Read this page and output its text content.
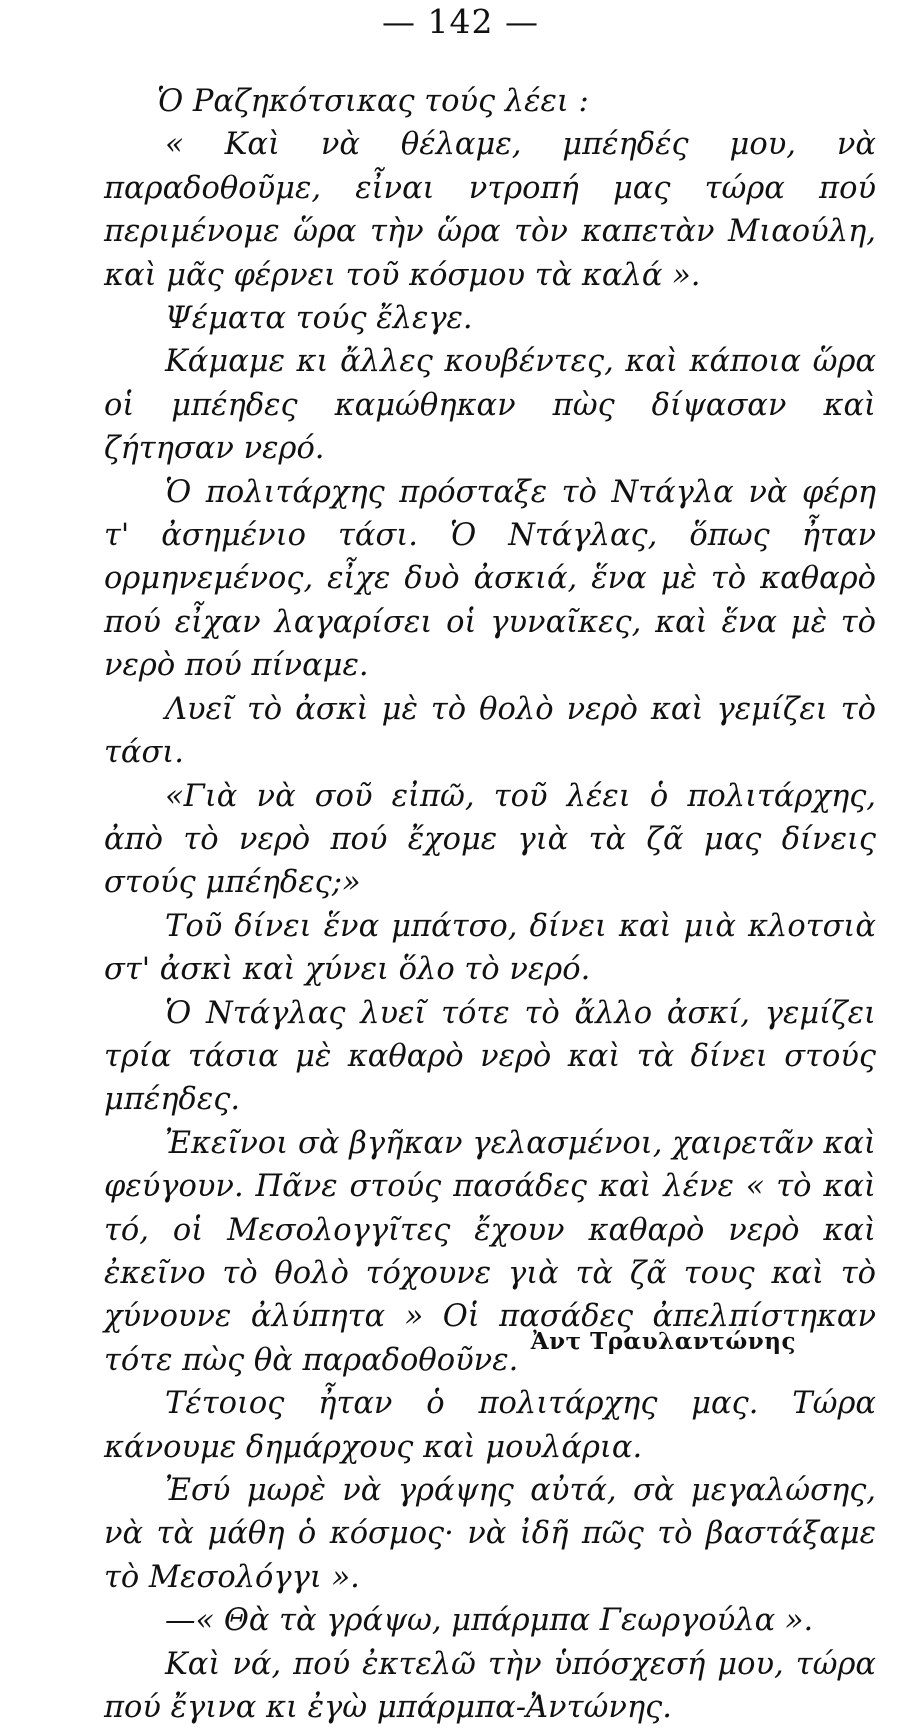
— 142 —

Ὁ Ραζηκότσικας τούς λέει :

« Καὶ νὰ θέλαμε, μπέηδές μου, νὰ παραδοθοῦμε, εἶναι ντροπή μας τώρα πού περιμένομε ὥρα τὴν ὥρα τὸν καπετὰν Μιαούλη, καὶ μᾶς φέρνει τοῦ κόσμου τὰ καλά ».

Ψέματα τούς ἔλεγε.

Κάμαμε κι ἄλλες κουβέντες, καὶ κάποια ὥρα οἱ μπέηδες καμώθηκαν πὼς δίψασαν καὶ ζήτησαν νερό.

Ὁ πολιτάρχης πρόσταξε τὸ Ντάγλα νὰ φέρη τ' ἀσημένιο τάσι. Ὁ Ντάγλας, ὅπως ἦταν ορμηνεμένος, εἶχε δυὸ ἀσκιά, ἕνα μὲ τὸ καθαρὸ πού εἶχαν λαγαρίσει οἱ γυναῖκες, καὶ ἕνα μὲ τὸ νερὸ πού πίναμε.

Λυεῖ τὸ ἀσκὶ μὲ τὸ θολὸ νερὸ καὶ γεμίζει τὸ τάσι.

«Γιὰ νὰ σοῦ εἰπῶ, τοῦ λέει ὁ πολιτάρχης, ἀπὸ τὸ νερὸ πού ἔχομε γιὰ τὰ ζᾶ μας δίνεις στούς μπέηδες;»

Τοῦ δίνει ἕνα μπάτσο, δίνει καὶ μιὰ κλοτσιὰ στ' ἀσκὶ καὶ χύνει ὅλο τὸ νερό.

Ὁ Ντάγλας λυεῖ τότε τὸ ἄλλο ἀσκί, γεμίζει τρία τάσια μὲ καθαρὸ νερὸ καὶ τὰ δίνει στούς μπέηδες.

Ἐκεῖνοι σὰ βγῆκαν γελασμένοι, χαιρετᾶν καὶ φεύγουν. Πᾶνε στούς πασάδες καὶ λένε « τὸ καὶ τό, οἱ Μεσολογγῖτες ἔχουν καθαρὸ νερὸ καὶ ἐκεῖνο τὸ θολὸ τόχουνε γιὰ τὰ ζᾶ τους καὶ τὸ χύνουνε ἀλύπητα » Οἱ πασάδες ἀπελπίστηκαν τότε πὼς θὰ παραδοθοῦνε.

Τέτοιος ἦταν ὁ πολιτάρχης μας. Τώρα κάνουμε δημάρχους καὶ μουλάρια.

Ἐσύ μωρὲ νὰ γράψης αὐτά, σὰ μεγαλώσης, νὰ τὰ μάθη ὁ κόσμος· νὰ ἰδῆ πῶς τὸ βαστάξαμε τὸ Μεσολόγγι ».

—« Θὰ τὰ γράψω, μπάρμπα Γεωργούλα ».

Καὶ νά, πού ἐκτελῶ τὴν ὑπόσχεσή μου, τώρα πού ἔγινα κι ἐγὼ μπάρμπα-Ἀντώνης.

Ἀντ Τραυλαντώνης
